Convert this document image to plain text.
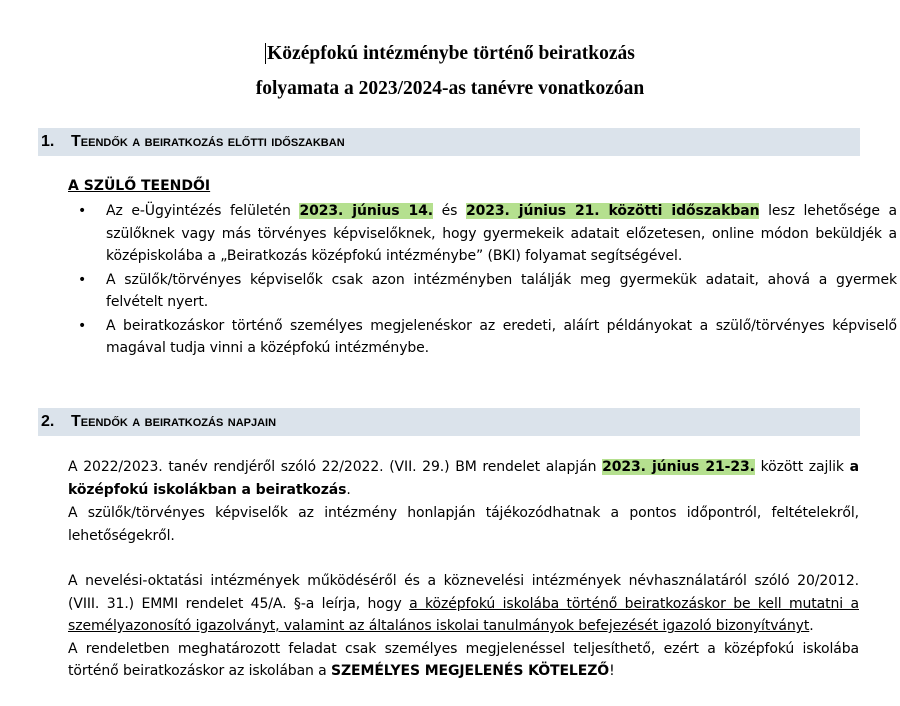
Középfokú intézménybe történő beiratkozás
folyamata a 2023/2024-as tanévre vonatkozóan
1.	Teendők a beiratkozás előtti időszakban
A SZÜLŐ TEENDŐI
• Az e-Ügyintézés felületén 2023. június 14. és 2023. június 21. közötti időszakban lesz lehetősége a szülőknek vagy más törvényes képviselőknek, hogy gyermekeik adatait előzetesen, online módon beküldjék a középiskolába a „Beiratkozás középfokú intézménybe” (BKI) folyamat segítségével.
• A szülők/törvényes képviselők csak azon intézményben találják meg gyermekük adatait, ahová a gyermek felvételt nyert.
• A beiratkozáskor történő személyes megjelenéskor az eredeti, aláírt példányokat a szülő/törvényes képviselő magával tudja vinni a középfokú intézménybe.
2.	Teendők a beiratkozás napjain

A 2022/2023. tanév rendjéről szóló 22/2022. (VII. 29.) BM rendelet alapján 2023. június 21-23. között zajlik a középfokú iskolákban a beiratkozás.

A szülők/törvényes képviselők az intézmény honlapján tájékozódhatnak a pontos időpontról, feltételekről, lehetőségekről.

A nevelési-oktatási intézmények működéséről és a köznevelési intézmények névhasználatáról szóló 20/2012. (VIII. 31.) EMMI rendelet 45/A. §-a leírja, hogy a középfokú iskolába történő beiratkozáskor be kell mutatni a személyazonosító igazolványt, valamint az általános iskolai tanulmányok befejezését igazoló bizonyítványt.
A rendeletben meghatározott feladat csak személyes megjelenéssel teljesíthető, ezért a középfokú iskolába történő beiratkozáskor az iskolában a SZEMÉLYES MEGJELENÉS KÖTELEZŐ!
